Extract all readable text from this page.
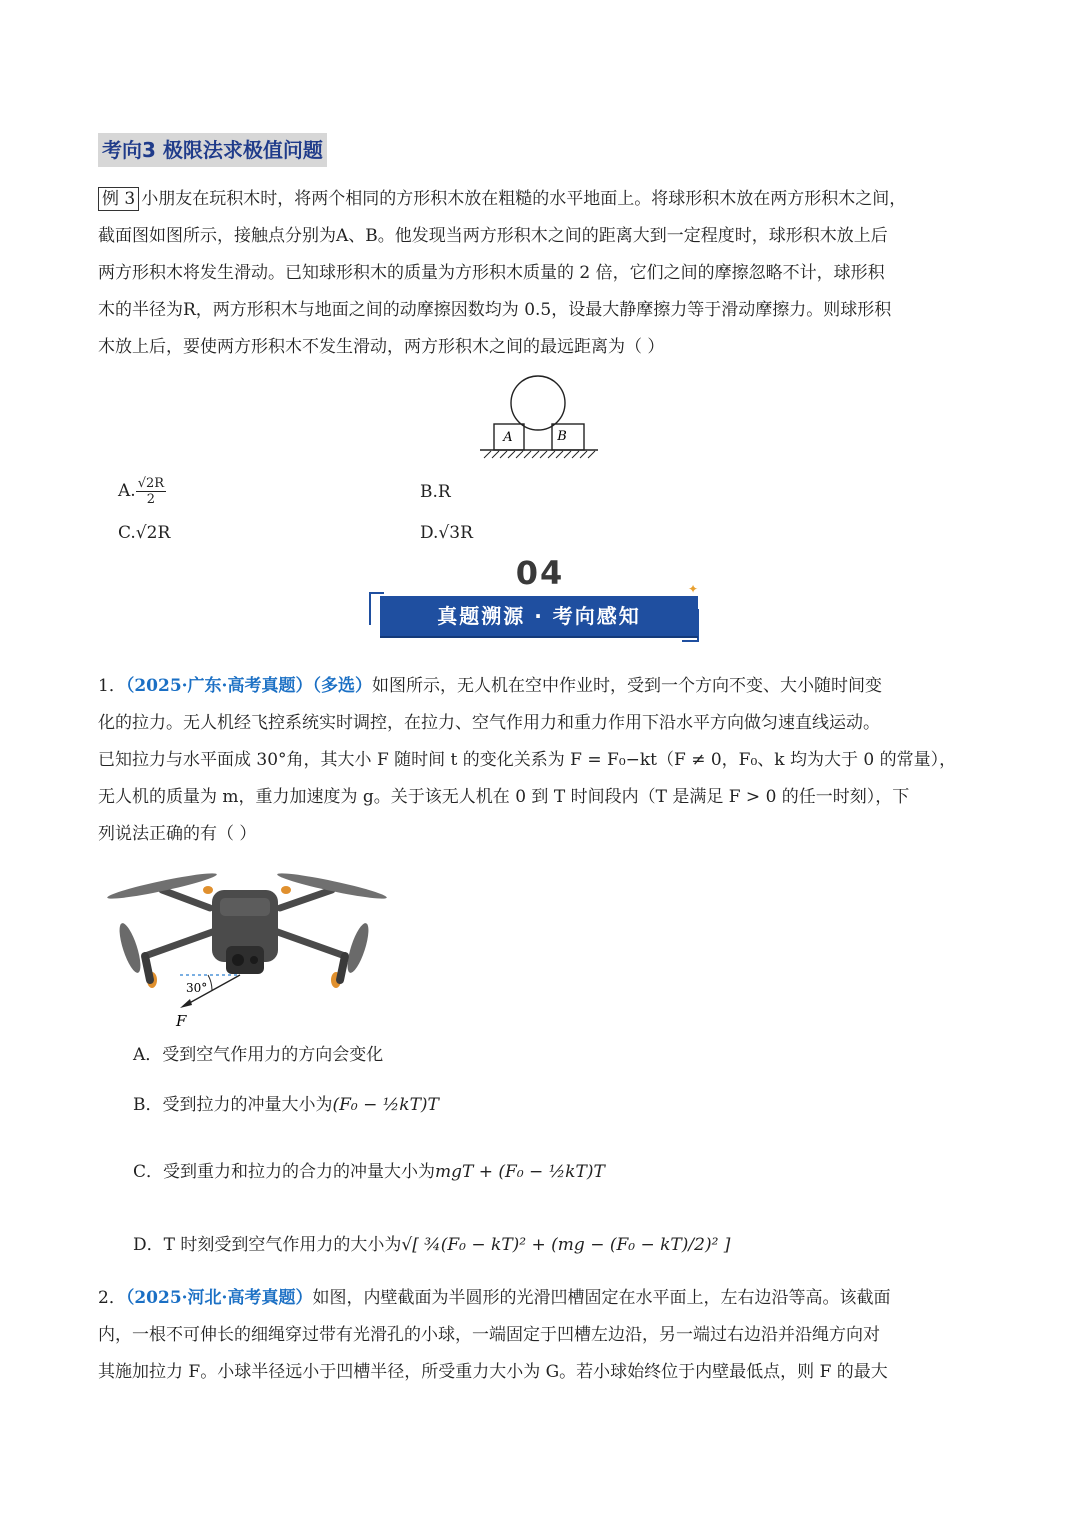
考向3 极限法求极值问题

例 3 小朋友在玩积木时，将两个相同的方形积木放在粗糙的水平地面上。将球形积木放在两方形积木之间，

截面图如图所示，接触点分别为A、B。他发现当两方形积木之间的距离大到一定程度时，球形积木放上后

两方形积木将发生滑动。已知球形积木的质量为方形积木质量的 2 倍，它们之间的摩擦忽略不计，球形积

木的半径为R，两方形积木与地面之间的动摩擦因数均为 0.5，设最大静摩擦力等于滑动摩擦力。则球形积

木放上后，要使两方形积木不发生滑动，两方形积木之间的最远距离为（ ）

A	B
A. $\frac{√2R}{2}$	B.R
C.√2R	D.√3R
04	✦
真题溯源 · 考向感知

1．（2025·广东·高考真题）（多选）如图所示，无人机在空中作业时，受到一个方向不变、大小随时间变

化的拉力。无人机经飞控系统实时调控，在拉力、空气作用力和重力作用下沿水平方向做匀速直线运动。

已知拉力与水平面成 30°角，其大小 F 随时间 t 的变化关系为 F = F₀−kt（F ≠ 0，F₀、k 均为大于 0 的常量），

无人机的质量为 m，重力加速度为 g。关于该无人机在 0 到 T 时间段内（T 是满足 F > 0 的任一时刻），下

列说法正确的有（ ）

30°
F
A．受到空气作用力的方向会变化
B．受到拉力的冲量大小为(F₀ − ½kT)T
C．受到重力和拉力的合力的冲量大小为mgT + (F₀ − ½kT)T
D．T 时刻受到空气作用力的大小为√[ ¾(F₀ − kT)² + (mg − (F₀ − kT)/2)² ]

2．（2025·河北·高考真题）如图，内壁截面为半圆形的光滑凹槽固定在水平面上，左右边沿等高。该截面

内，一根不可伸长的细绳穿过带有光滑孔的小球，一端固定于凹槽左边沿，另一端过右边沿并沿绳方向对

其施加拉力 F。小球半径远小于凹槽半径，所受重力大小为 G。若小球始终位于内壁最低点，则 F 的最大
